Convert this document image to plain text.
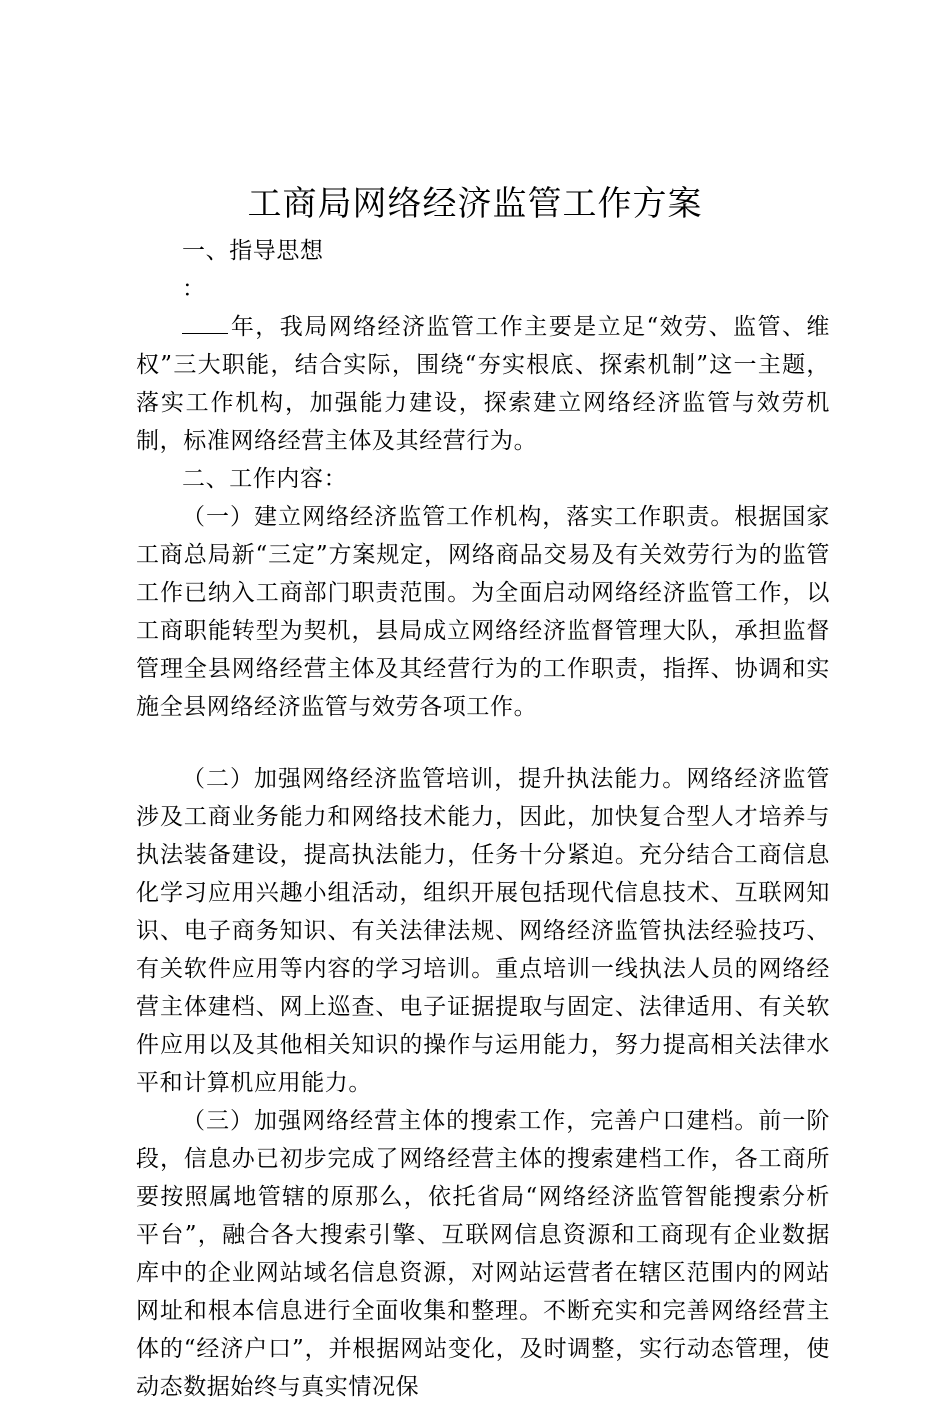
工商局网络经济监管工作方案

一、指导思想

：

年，我局网络经济监管工作主要是立足“效劳、监管、维权”三大职能，结合实际，围绕“夯实根底、探索机制”这一主题，落实工作机构，加强能力建设，探索建立网络经济监管与效劳机制，标准网络经营主体及其经营行为。

二、工作内容：

（一）建立网络经济监管工作机构，落实工作职责。根据国家工商总局新“三定”方案规定，网络商品交易及有关效劳行为的监管工作已纳入工商部门职责范围。为全面启动网络经济监管工作，以工商职能转型为契机，县局成立网络经济监督管理大队，承担监督管理全县网络经营主体及其经营行为的工作职责，指挥、协调和实施全县网络经济监管与效劳各项工作。

（二）加强网络经济监管培训，提升执法能力。网络经济监管涉及工商业务能力和网络技术能力，因此，加快复合型人才培养与执法装备建设，提高执法能力，任务十分紧迫。充分结合工商信息化学习应用兴趣小组活动，组织开展包括现代信息技术、互联网知识、电子商务知识、有关法律法规、网络经济监管执法经验技巧、有关软件应用等内容的学习培训。重点培训一线执法人员的网络经营主体建档、网上巡查、电子证据提取与固定、法律适用、有关软件应用以及其他相关知识的操作与运用能力，努力提高相关法律水平和计算机应用能力。

（三）加强网络经营主体的搜索工作，完善户口建档。前一阶段，信息办已初步完成了网络经营主体的搜索建档工作，各工商所要按照属地管辖的原那么，依托省局“网络经济监管智能搜索分析平台”，融合各大搜索引擎、互联网信息资源和工商现有企业数据库中的企业网站域名信息资源，对网站运营者在辖区范围内的网站网址和根本信息进行全面收集和整理。不断充实和完善网络经营主体的“经济户口”，并根据网站变化，及时调整，实行动态管理，使动态数据始终与真实情况保
